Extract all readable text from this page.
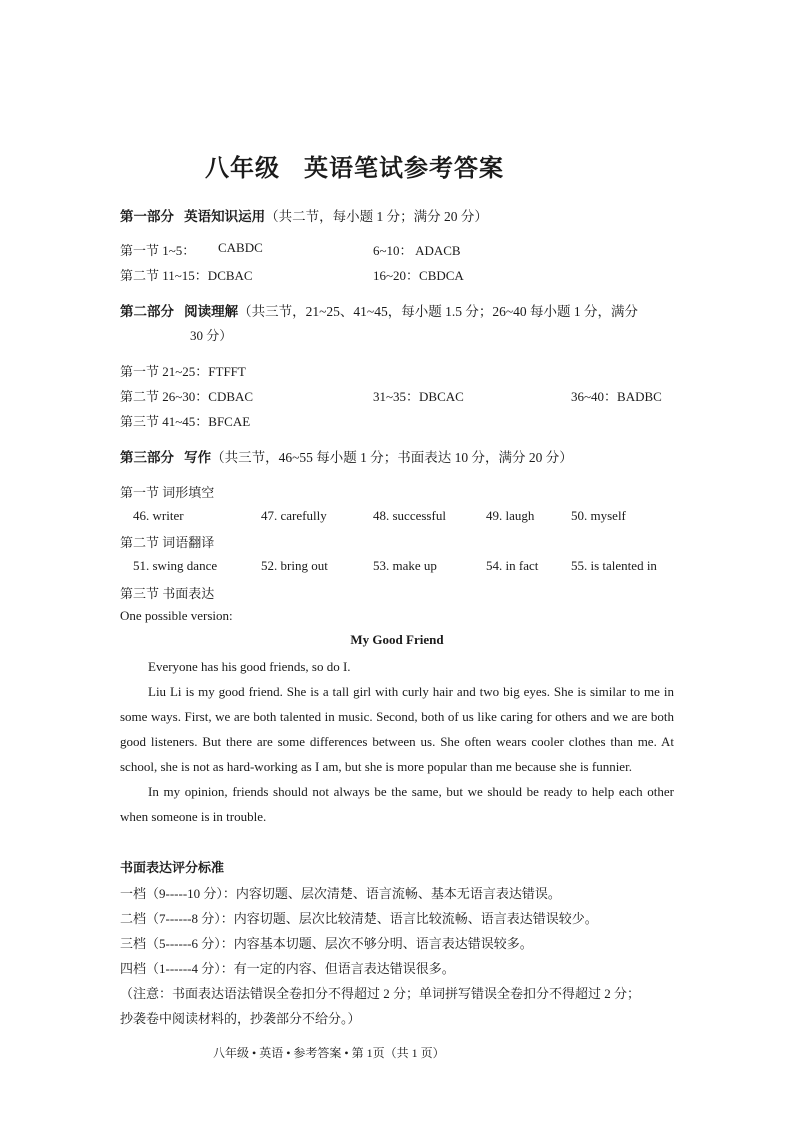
八年级 英语笔试参考答案
第一部分 英语知识运用（共二节，每小题 1 分；满分 20 分）
第一节 1~5： CABDC	6~10： ADACB
第二节 11~15：DCBAC	16~20：CBDCA
第二部分 阅读理解（共三节，21~25、41~45，每小题 1.5 分；26~40 每小题 1 分，满分
30 分）
第一节 21~25：FTFFT
第二节 26~30：CDBAC	31~35：DBCAC	36~40：BADBC
第三节 41~45：BFCAE
第三部分 写作（共三节，46~55 每小题 1 分；书面表达 10 分，满分 20 分）
第一节 词形填空
46. writer	47. carefully	48. successful	49. laugh	50. myself
第二节 词语翻译
51. swing dance	52. bring out	53. make up	54. in fact	55. is talented in
第三节 书面表达
One possible version:
My Good Friend

Everyone has his good friends, so do I.

Liu Li is my good friend. She is a tall girl with curly hair and two big eyes. She is similar to me in some ways. First, we are both talented in music. Second, both of us like caring for others and we are both good listeners. But there are some differences between us. She often wears cooler clothes than me. At school, she is not as hard-working as I am, but she is more popular than me because she is funnier.

In my opinion, friends should not always be the same, but we should be ready to help each other when someone is in trouble.

书面表达评分标准
一档（9-----10 分）：内容切题、层次清楚、语言流畅、基本无语言表达错误。
二档（7------8 分）：内容切题、层次比较清楚、语言比较流畅、语言表达错误较少。
三档（5------6 分）：内容基本切题、层次不够分明、语言表达错误较多。
四档（1------4 分）：有一定的内容、但语言表达错误很多。
（注意：书面表达语法错误全卷扣分不得超过 2 分；单词拼写错误全卷扣分不得超过 2 分；
抄袭卷中阅读材料的，抄袭部分不给分。）
八年级 • 英语 • 参考答案 • 第 1页（共 1 页）
